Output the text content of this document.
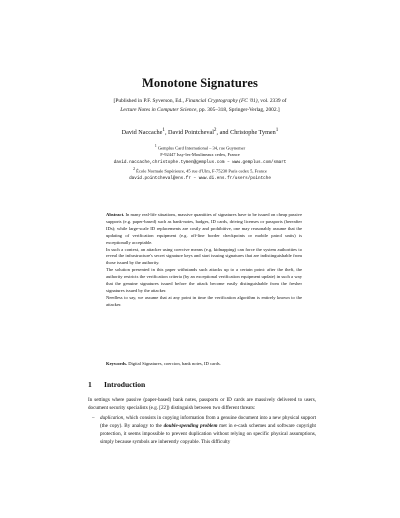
Monotone Signatures
[Published in P.F. Syverson, Ed., Financial Cryptography (FC '01), vol. 2339 of
Lecture Notes in Computer Science, pp. 305–318, Springer-Verlag, 2002.]
David Naccache$^1$, David Pointcheval$^2$, and Christophe Tymen$^1$
$^1$ Gemplus Card International – 34, rue Guynemer
F-92447 Issy-les-Moulineaux cedex, France
david.naccache,christophe.tymen@gemplus.com – www.gemplus.com/smart
$^2$ École Normale Supérieure, 45 rue d'Ulm, F-75230 Paris cedex 5, France
david.pointcheval@ens.fr – www.di.ens.fr/users/pointche

Abstract. In many real-life situations, massive quantities of signatures have to be issued on cheap passive supports (e.g. paper-based) such as bank-notes, badges, ID cards, driving licenses or passports (hereafter IDs); while large-scale ID replacements are costly and prohibitive, one may reasonably assume that the updating of verification equipment (e.g. off-line border checkpoints or mobile patrol units) is exceptionally acceptable.

In such a context, an attacker using coercive means (e.g. kidnapping) can force the system authorities to reveal the infrastructure's secret signature keys and start issuing signatures that are indistinguishable from those issued by the authority.

The solution presented in this paper withstands such attacks up to a certain point: after the theft, the authority restricts the verification criteria (by an exceptional verification equipment update) in such a way that the genuine signatures issued before the attack become easily distinguishable from the fresher signatures issued by the attacker.

Needless to say, we assume that at any point in time the verification algorithm is entirely known to the attacker.

Keywords. Digital Signatures, coercion, bank notes, ID cards.
1 Introduction

In settings where passive (paper-based) bank notes, passports or ID cards are massively delivered to users, document security specialists (e.g. [22]) distinguish between two different threats:

– duplication, which consists in copying information from a genuine document into a new physical support (the copy). By analogy to the double-spending problem met in e-cash schemes and software copyright protection, it seems impossible to prevent duplication without relying on specific physical assumptions, simply because symbols are inherently copyable. This difficulty
